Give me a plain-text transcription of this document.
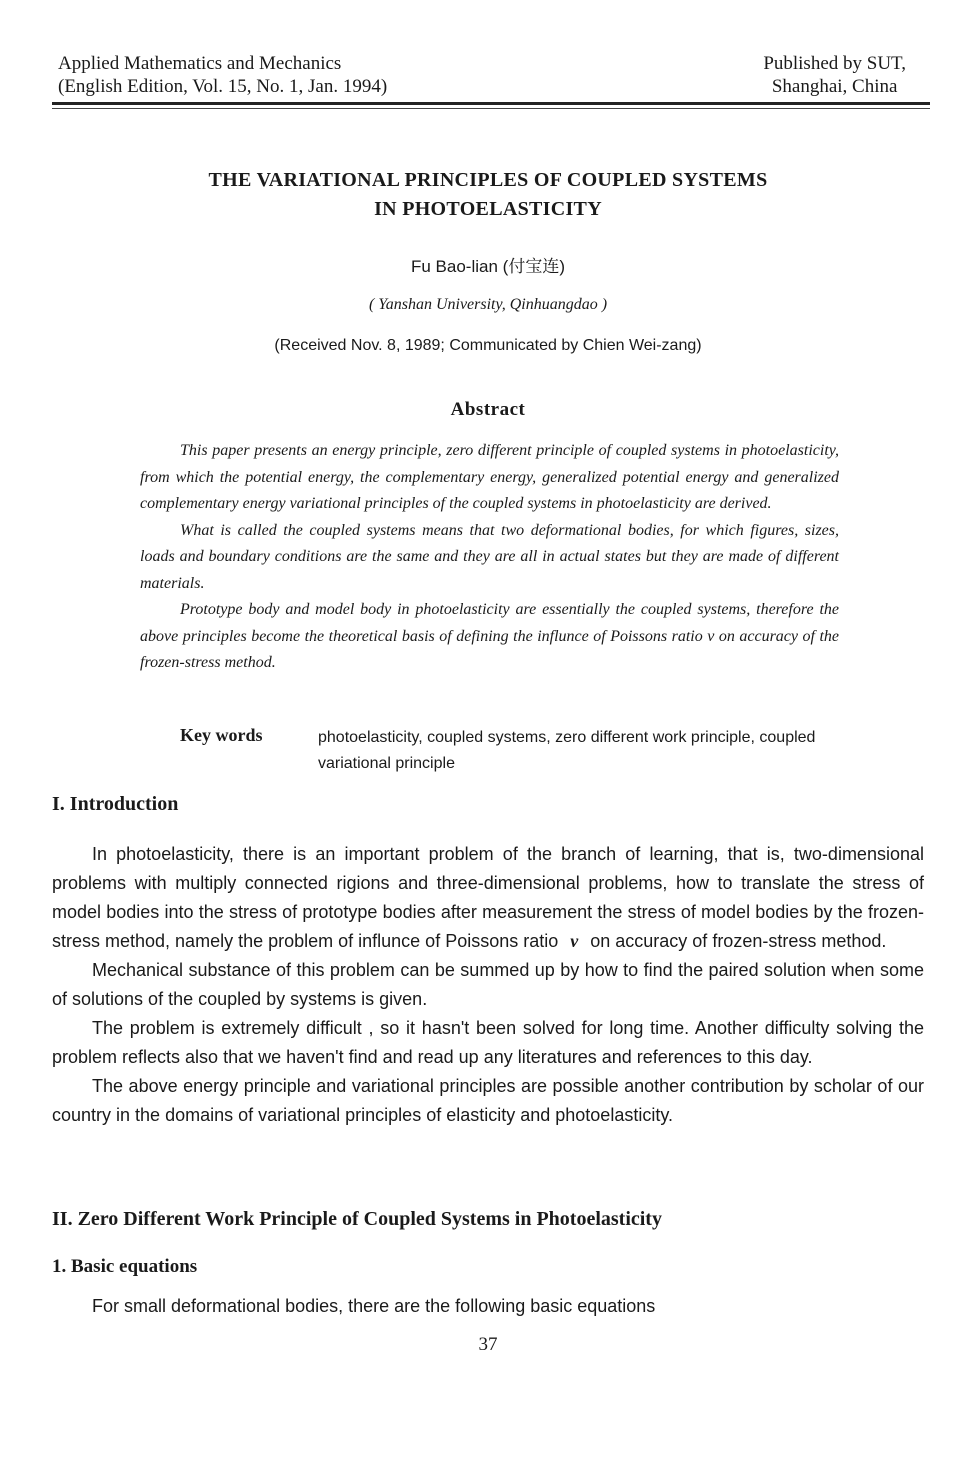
Applied Mathematics and Mechanics
(English Edition, Vol. 15, No. 1, Jan. 1994)
Published by SUT,
Shanghai, China
THE VARIATIONAL PRINCIPLES OF COUPLED SYSTEMS
IN PHOTOELASTICITY
Fu Bao-lian (付宝连)
( Yanshan University, Qinhuangdao )
(Received Nov. 8, 1989; Communicated by Chien Wei-zang)
Abstract

This paper presents an energy principle, zero different principle of coupled systems in photoelasticity, from which the potential energy, the complementary energy, generalized potential energy and generalized complementary energy variational principles of the coupled systems in photoelasticity are derived.

What is called the coupled systems means that two deformational bodies, for which figures, sizes, loads and boundary conditions are the same and they are all in actual states but they are made of different materials.

Prototype body and model body in photoelasticity are essentially the coupled systems, therefore the above principles become the theoretical basis of defining the influnce of Poissons ratio v on accuracy of the frozen-stress method.

Key words	photoelasticity, coupled systems, zero different work principle, coupled variational principle
I. Introduction

In photoelasticity, there is an important problem of the branch of learning, that is, two-dimensional problems with multiply connected rigions and three-dimensional problems, how to translate the stress of model bodies into the stress of prototype bodies after measurement the stress of model bodies by the frozen-stress method, namely the problem of influnce of Poissons ratio ν on accuracy of frozen-stress method.

Mechanical substance of this problem can be summed up by how to find the paired solution when some of solutions of the coupled by systems is given.

The problem is extremely difficult , so it hasn't been solved for long time. Another difficulty solving the problem reflects also that we haven't find and read up any literatures and references to this day.

The above energy principle and variational principles are possible another contribution by scholar of our country in the domains of variational principles of elasticity and photoelasticity.

II. Zero Different Work Principle of Coupled Systems in Photoelasticity
1. Basic equations

For small deformational bodies, there are the following basic equations

37
